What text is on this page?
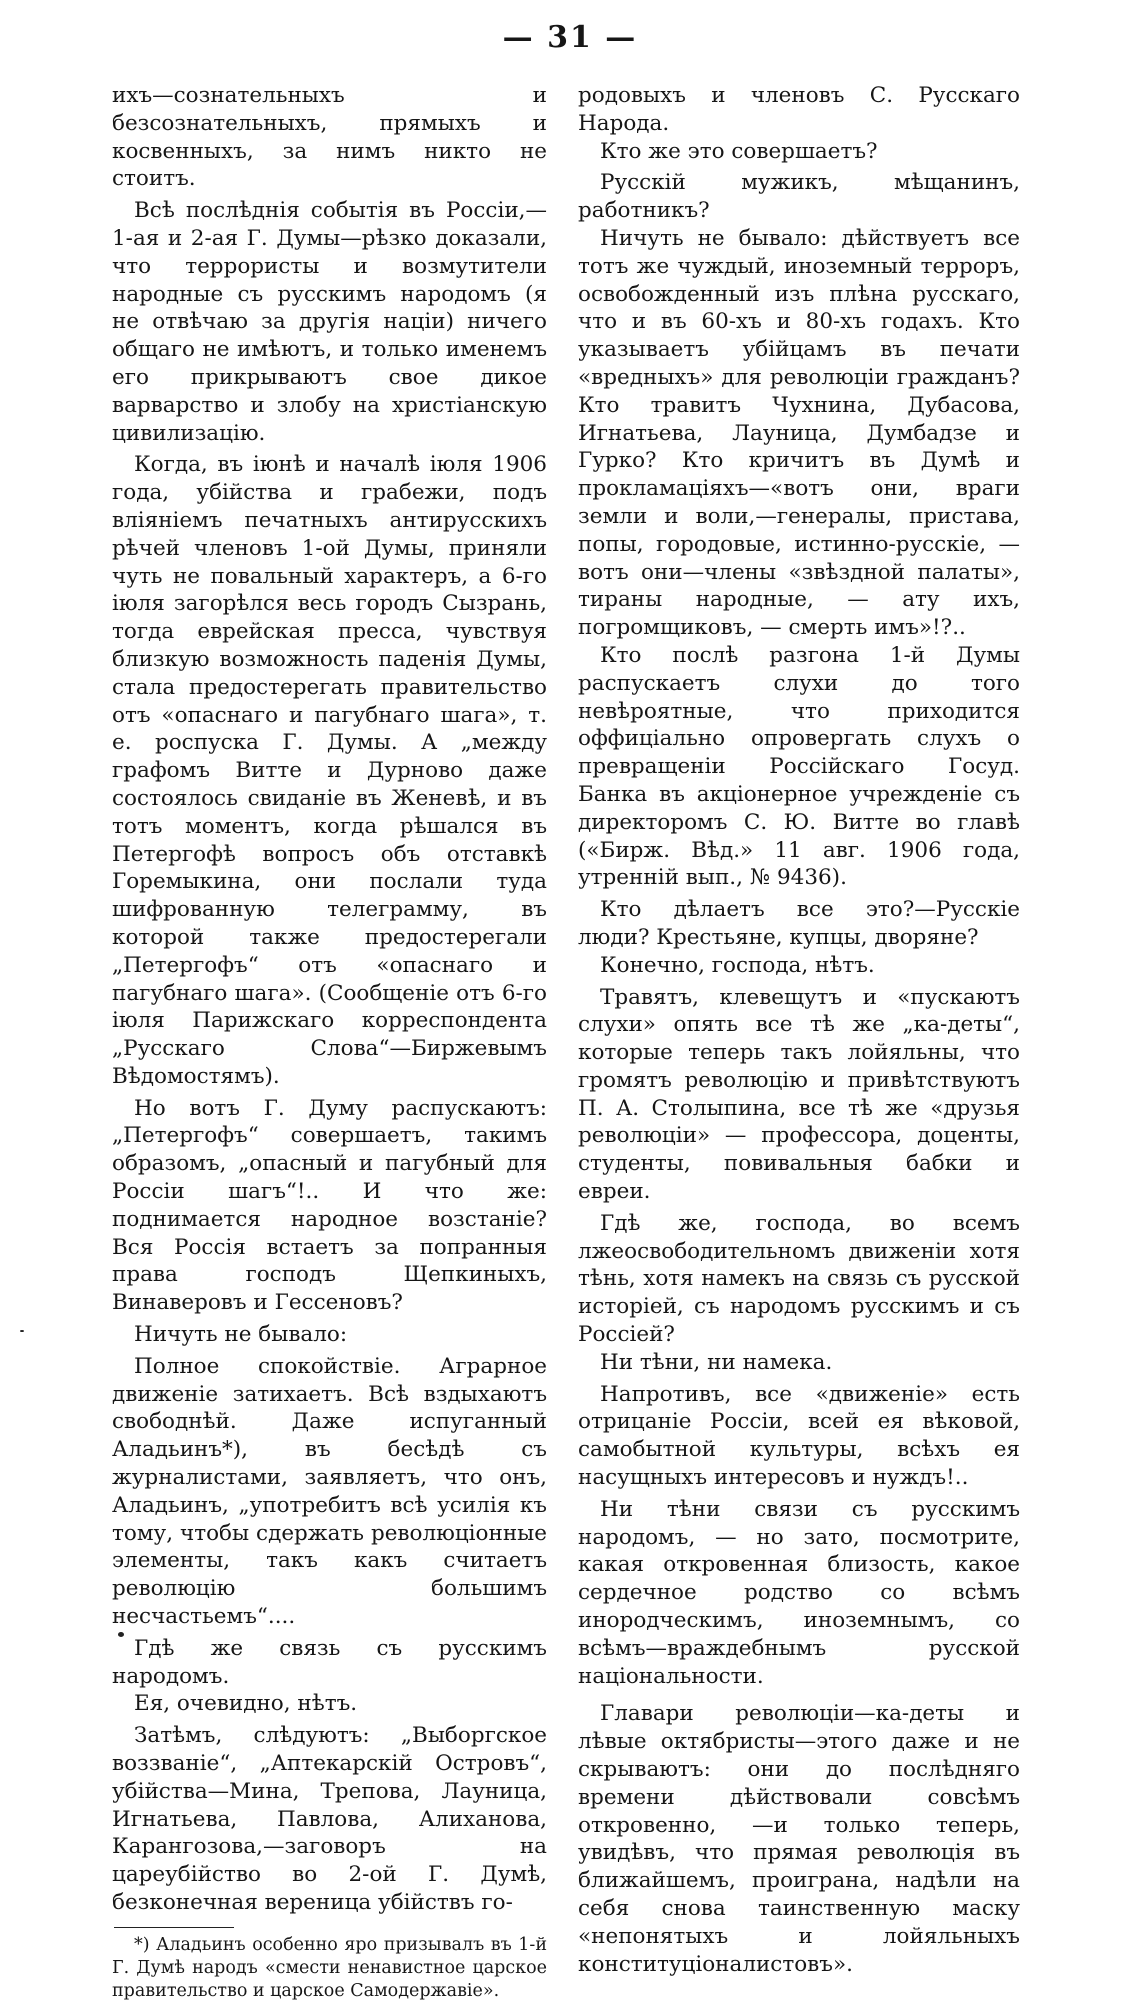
— 31 —

ихъ—сознательныхъ и безсознательныхъ, прямыхъ и косвенныхъ, за нимъ никто не стоитъ.

Всѣ послѣднія событія въ Россіи,—1-ая и 2-ая Г. Думы—рѣзко доказали, что террористы и возмутители народные съ русскимъ народомъ (я не отвѣчаю за другія націи) ничего общаго не имѣютъ, и только именемъ его прикрываютъ свое дикое варварство и злобу на христіанскую цивилизацію.

Когда, въ іюнѣ и началѣ іюля 1906 года, убійства и грабежи, подъ вліяніемъ печатныхъ антирусскихъ рѣчей членовъ 1-ой Думы, приняли чуть не повальный характеръ, а 6-го іюля загорѣлся весь городъ Сызрань, тогда еврейская пресса, чувствуя близкую возможность паденія Думы, стала предостерегать правительство отъ «опаснаго и пагубнаго шага», т. е. роспуска Г. Думы. А „между графомъ Витте и Дурново даже состоялось свиданіе въ Женевѣ, и въ тотъ моментъ, когда рѣшался въ Петергофѣ вопросъ объ отставкѣ Горемыкина, они послали туда шифрованную телеграмму, въ которой также предостерегали „Петергофъ“ отъ «опаснаго и пагубнаго шага». (Сообщеніе отъ 6-го іюля Парижскаго корреспондента „Русскаго Слова“—Биржевымъ Вѣдомостямъ).

Но вотъ Г. Думу распускаютъ: „Петергофъ“ совершаетъ, такимъ образомъ, „опасный и пагубный для Россіи шагъ“!.. И что же: поднимается народное возстаніе? Вся Россія встаетъ за попранныя права господъ Щепкиныхъ, Винаверовъ и Гессеновъ?

Ничуть не бывало:

Полное спокойствіе. Аграрное движеніе затихаетъ. Всѣ вздыхаютъ свободнѣй. Даже испуганный Аладьинъ*), въ бесѣдѣ съ журналистами, заявляетъ, что онъ, Аладьинъ, „употребитъ всѣ усилія къ тому, чтобы сдержать революціонные элементы, такъ какъ считаетъ революцію большимъ несчастьемъ“....

Гдѣ же связь съ русскимъ народомъ.

Ея, очевидно, нѣтъ.

Затѣмъ, слѣдуютъ: „Выборгское воззваніе“, „Аптекарскій Островъ“, убійства—Мина, Трепова, Лауница, Игнатьева, Павлова, Алиханова, Карангозова,—заговоръ на цареубійство во 2-ой Г. Думѣ, безконечная вереница убійствъ го-

*) Аладьинъ особенно яро призывалъ въ 1-й Г. Думѣ народъ «смести ненавистное царское правительство и царское Самодержавіе».

родовыхъ и членовъ С. Русскаго Народа.

Кто же это совершаетъ?

Русскій мужикъ, мѣщанинъ, работникъ?

Ничуть не бывало: дѣйствуетъ все тотъ же чуждый, иноземный терроръ, освобожденный изъ плѣна русскаго, что и въ 60-хъ и 80-хъ годахъ. Кто указываетъ убійцамъ въ печати «вредныхъ» для революціи гражданъ? Кто травитъ Чухнина, Дубасова, Игнатьева, Лауница, Думбадзе и Гурко? Кто кричитъ въ Думѣ и прокламаціяхъ—«вотъ они, враги земли и воли,—генералы, пристава, попы, городовые, истинно-русскіе, — вотъ они—члены «звѣздной палаты», тираны народные, — ату ихъ, погромщиковъ, — смерть имъ»!?..

Кто послѣ разгона 1-й Думы распускаетъ слухи до того невѣроятные, что приходится оффиціально опровергать слухъ о превращеніи Россійскаго Госуд. Банка въ акціонерное учрежденіе съ директоромъ С. Ю. Витте во главѣ («Бирж. Вѣд.» 11 авг. 1906 года, утренній вып., № 9436).

Кто дѣлаетъ все это?—Русскіе люди? Крестьяне, купцы, дворяне?

Конечно, господа, нѣтъ.

Травятъ, клевещутъ и «пускаютъ слухи» опять все тѣ же „ка-деты“, которые теперь такъ лойяльны, что громятъ революцію и привѣтствуютъ П. А. Столыпина, все тѣ же «друзья революціи» — профессора, доценты, студенты, повивальныя бабки и евреи.

Гдѣ же, господа, во всемъ лжеосвободительномъ движеніи хотя тѣнь, хотя намекъ на связь съ русской исторіей, съ народомъ русскимъ и съ Россіей?

Ни тѣни, ни намека.

Напротивъ, все «движеніе» есть отрицаніе Россіи, всей ея вѣковой, самобытной культуры, всѣхъ ея насущныхъ интересовъ и нуждъ!..

Ни тѣни связи съ русскимъ народомъ, — но зато, посмотрите, какая откровенная близость, какое сердечное родство со всѣмъ инородческимъ, иноземнымъ, со всѣмъ—враждебнымъ русской національности.

Главари революціи—ка-деты и лѣвые октябристы—этого даже и не скрываютъ: они до послѣдняго времени дѣйствовали совсѣмъ откровенно, —и только теперь, увидѣвъ, что прямая революція въ ближайшемъ, проиграна, надѣли на себя снова таинственную маску «непонятыхъ и лойяльныхъ конституціоналистовъ».
